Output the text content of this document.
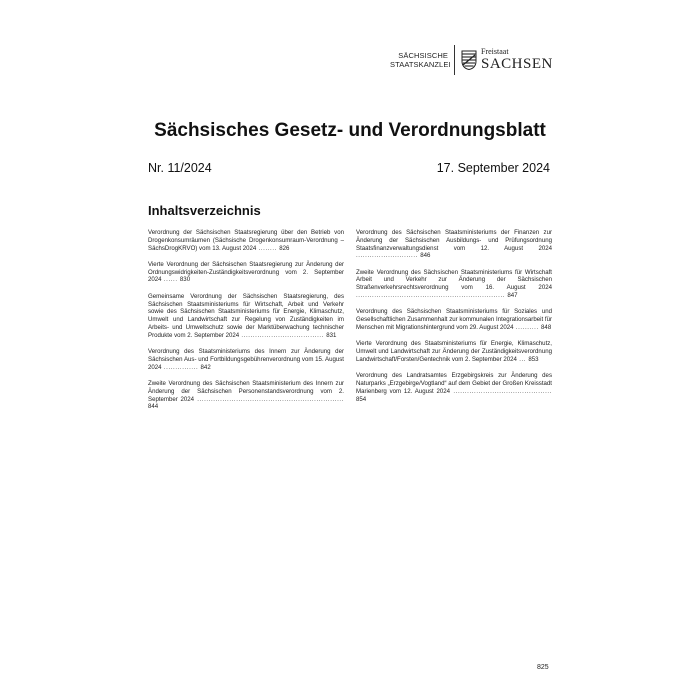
SÄCHSISCHE
STAATSKANZLEI
Freistaat
SACHSEN
Sächsisches Gesetz- und Verordnungsblatt
Nr. 11/2024	17. September 2024
Inhaltsverzeichnis
Verordnung der Sächsischen Staatsregierung über den Betrieb von Drogenkonsumräumen (Sächsische Drogenkonsumraum-Verordnung – SächsDrogKRVO) vom 13. August 2024 ........ 826
Vierte Verordnung der Sächsischen Staatsregierung zur Änderung der Ordnungswidrigkeiten-Zuständigkeitsverordnung vom 2. September 2024 ...... 830
Gemeinsame Verordnung der Sächsischen Staatsregierung, des Sächsischen Staatsministeriums für Wirtschaft, Arbeit und Verkehr sowie des Sächsischen Staatsministeriums für Energie, Klimaschutz, Umwelt und Landwirtschaft zur Regelung von Zuständigkeiten im Arbeits- und Umweltschutz sowie der Marktüberwachung technischer Produkte vom 2. September 2024 .................................... 831
Verordnung des Staatsministeriums des Innern zur Änderung der Sächsischen Aus- und Fortbildungsgebührenverordnung vom 15. August 2024 ............... 842
Zweite Verordnung des Sächsischen Staatsministerium des Innern zur Änderung der Sächsischen Personenstandsverordnung vom 2. September 2024 ................................................................ 844
Verordnung des Sächsischen Staatsministeriums der Finanzen zur Änderung der Sächsischen Ausbildungs- und Prüfungsordnung Staatsfinanzverwaltungsdienst vom 12. August 2024 ........................... 846
Zweite Verordnung des Sächsischen Staatsministeriums für Wirtschaft Arbeit und Verkehr zur Änderung der Sächsischen Straßenverkehrsrechtsverordnung vom 16. August 2024 ................................................................. 847
Verordnung des Sächsischen Staatsministeriums für Soziales und Gesellschaftlichen Zusammenhalt zur kommunalen Integrationsarbeit für Menschen mit Migrationshintergrund vom 29. August 2024 .......... 848
Vierte Verordnung des Staatsministeriums für Energie, Klimaschutz, Umwelt und Landwirtschaft zur Änderung der Zuständigkeitsverordnung Landwirtschaft/Forsten/Gentechnik vom 2. September 2024 ... 853
Verordnung des Landratsamtes Erzgebirgskreis zur Änderung des Naturparks „Erzgebirge/Vogtland“ auf dem Gebiet der Großen Kreisstadt Marienberg vom 12. August 2024 ........................................... 854
825
